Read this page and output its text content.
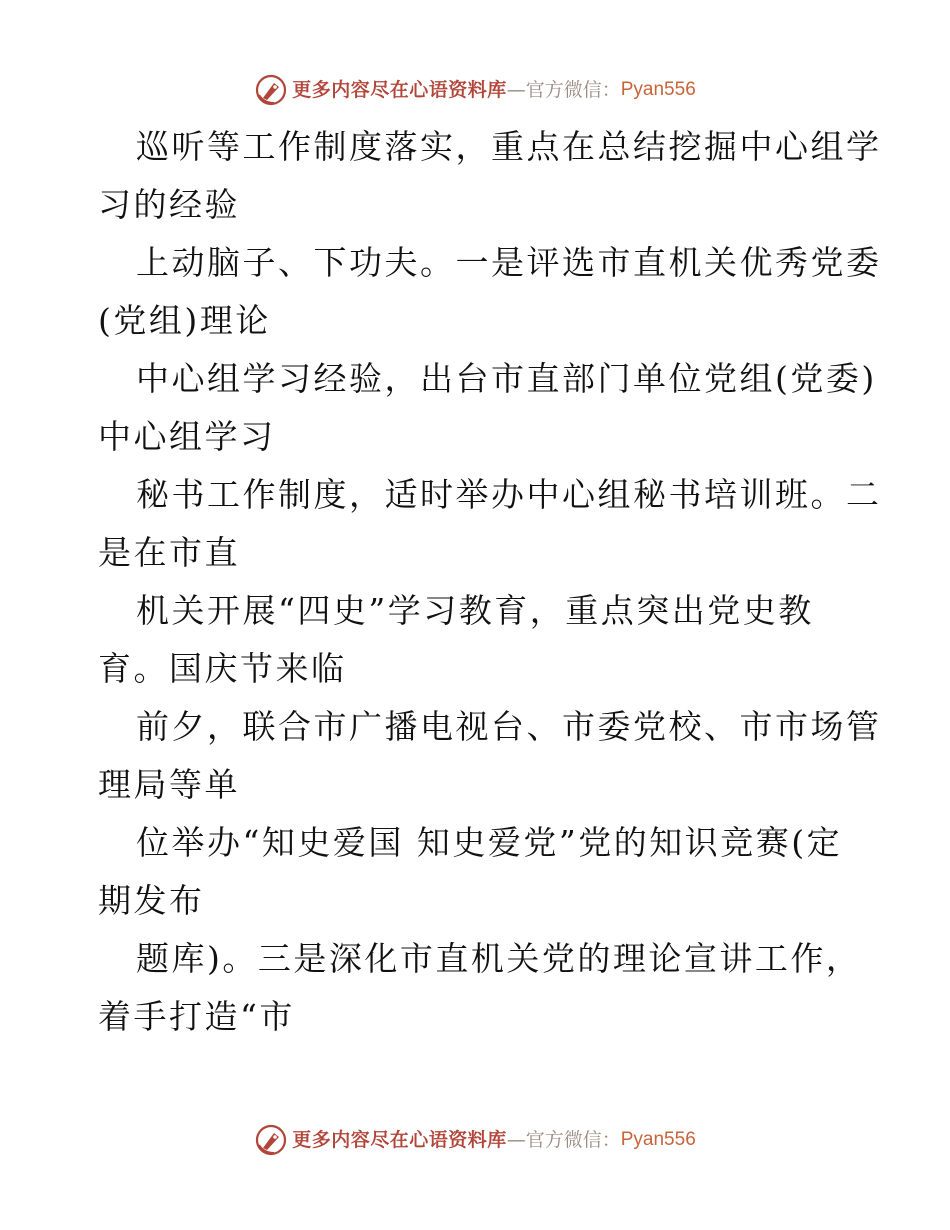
更多内容尽在心语资料库 — 官方微信： Pyan556

巡听等工作制度落实，重点在总结挖掘中心组学
习的经验

上动脑子、下功夫。一是评选市直机关优秀党委
(党组)理论

中心组学习经验，出台市直部门单位党组(党委)
中心组学习

秘书工作制度，适时举办中心组秘书培训班。二
是在市直

机关开展“四史”学习教育，重点突出党史教
育。国庆节来临

前夕，联合市广播电视台、市委党校、市市场管
理局等单

位举办“知史爱国 知史爱党”党的知识竞赛(定
期发布

题库)。三是深化市直机关党的理论宣讲工作，
着手打造“市

更多内容尽在心语资料库 — 官方微信： Pyan556
